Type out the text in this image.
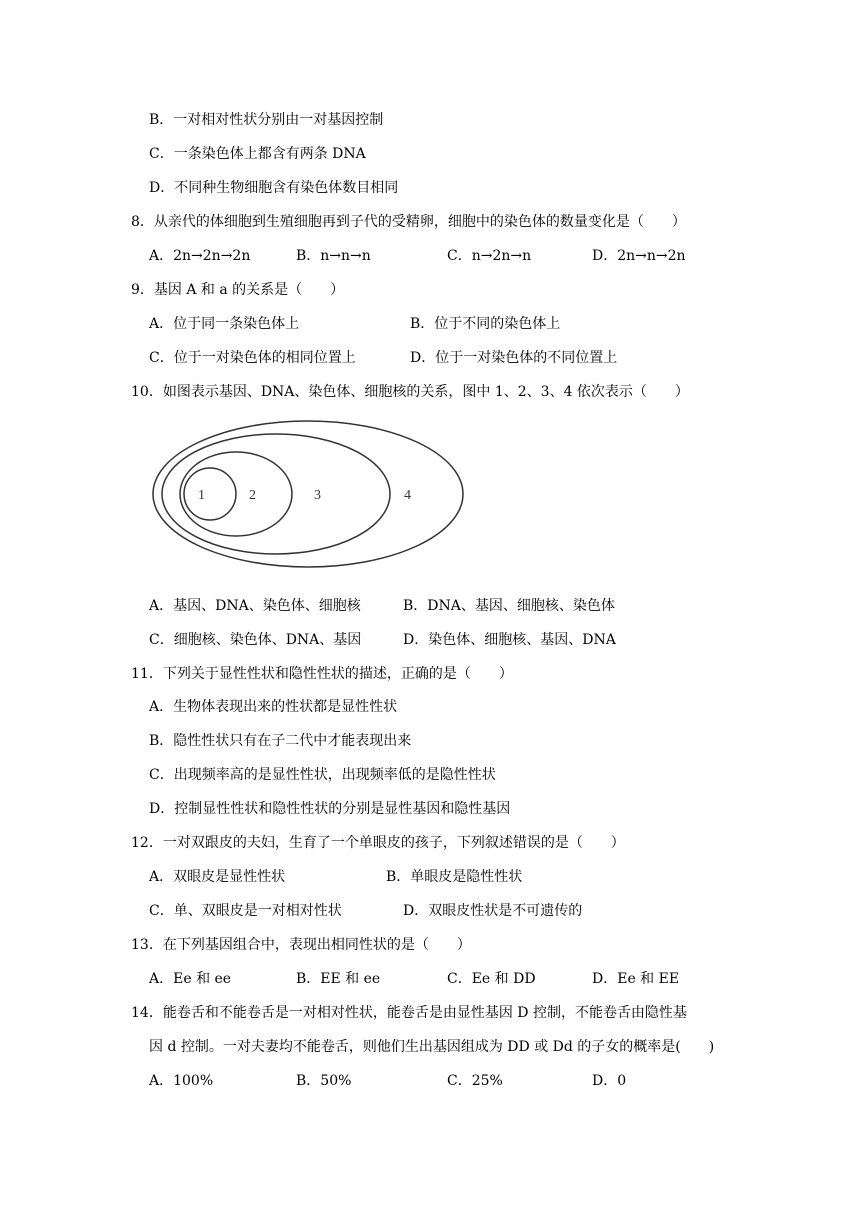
B．一对相对性状分别由一对基因控制
C．一条染色体上都含有两条 DNA
D．不同种生物细胞含有染色体数目相同
8．从亲代的体细胞到生殖细胞再到子代的受精卵，细胞中的染色体的数量变化是（　　）
A．2n→2n→2n	B．n→n→n	C．n→2n→n	D．2n→n→2n
9．基因 A 和 a 的关系是（　　）
A．位于同一条染色体上	B．位于不同的染色体上
C．位于一对染色体的相同位置上	D．位于一对染色体的不同位置上
10．如图表示基因、DNA、染色体、细胞核的关系，图中 1、2、3、4 依次表示（　　）
1	2	3	4
A．基因、DNA、染色体、细胞核	B．DNA、基因、细胞核、染色体
C．细胞核、染色体、DNA、基因	D．染色体、细胞核、基因、DNA
11．下列关于显性性状和隐性性状的描述，正确的是（　　）
A．生物体表现出来的性状都是显性性状
B．隐性性状只有在子二代中才能表现出来
C．出现频率高的是显性性状，出现频率低的是隐性性状
D．控制显性性状和隐性性状的分别是显性基因和隐性基因
12．一对双跟皮的夫妇，生育了一个单眼皮的孩子，下列叙述错误的是（　　）
A．双眼皮是显性性状	B．单眼皮是隐性性状
C．单、双眼皮是一对相对性状	D．双眼皮性状是不可遗传的
13．在下列基因组合中，表现出相同性状的是（　　）
A．Ee 和 ee	B．EE 和 ee	C．Ee 和 DD	D．Ee 和 EE
14．能卷舌和不能卷舌是一对相对性状，能卷舌是由显性基因 D 控制，不能卷舌由隐性基
因 d 控制。一对夫妻均不能卷舌，则他们生出基因组成为 DD 或 Dd 的子女的概率是(　　)
A．100%	B．50%	C．25%	D．0
